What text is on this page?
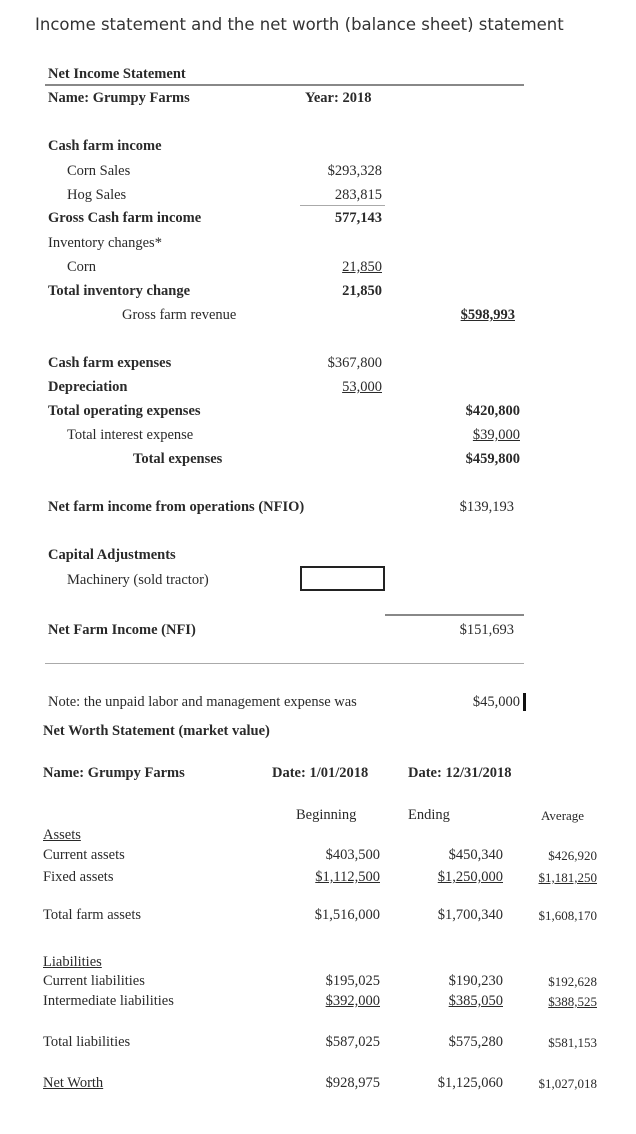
Income statement and the net worth (balance sheet) statement
Net Income Statement
Name: Grumpy Farms	Year: 2018
Cash farm income
Corn Sales	$293,328
Hog Sales	283,815
Gross Cash farm income	577,143
Inventory changes*
Corn	21,850
Total inventory change	21,850
Gross farm revenue	$598,993
Cash farm expenses	$367,800
Depreciation	53,000
Total operating expenses	$420,800
Total interest expense	$39,000
Total expenses	$459,800
Net farm income from operations (NFIO)	$139,193
Capital Adjustments
Machinery (sold tractor)
Net Farm Income (NFI)	$151,693
Note: the unpaid labor and management expense was	$45,000
Net Worth Statement (market value)
Name: Grumpy Farms	Date: 1/01/2018	Date: 12/31/2018
Beginning	Ending	Average
Assets
Current assets	$403,500	$450,340	$426,920
Fixed assets	$1,112,500	$1,250,000	$1,181,250
Total farm assets	$1,516,000	$1,700,340	$1,608,170
Liabilities
Current liabilities	$195,025	$190,230	$192,628
Intermediate liabilities	$392,000	$385,050	$388,525
Total liabilities	$587,025	$575,280	$581,153
Net Worth	$928,975	$1,125,060	$1,027,018
